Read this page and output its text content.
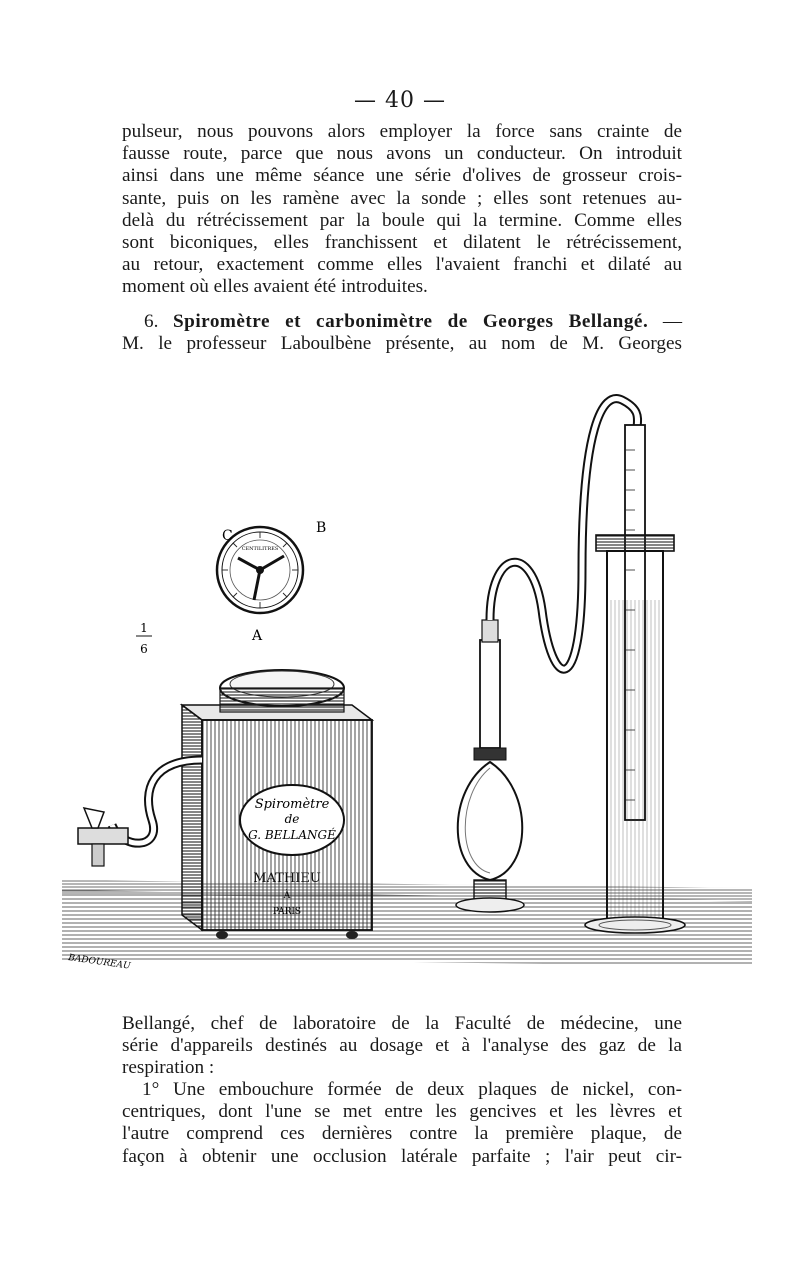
— 40 —
pulseur, nous pouvons alors employer la force sans crainte de
fausse route, parce que nous avons un conducteur. On introduit
ainsi dans une même séance une série d'olives de grosseur crois-
sante, puis on les ramène avec la sonde ; elles sont retenues au-
delà du rétrécissement par la boule qui la termine. Comme elles
sont biconiques, elles franchissent et dilatent le rétrécissement,
au retour, exactement comme elles l'avaient franchi et dilaté au
moment où elles avaient été introduites.
6. Spiromètre et carbonimètre de Georges Bellangé. —
M. le professeur Laboulbène présente, au nom de M. Georges
CENTILITRES
C	B
A
1
6
Spiromètre
de
G. BELLANGÉ
MATHIEU
À
PARIS
BADOUREAU
Bellangé, chef de laboratoire de la Faculté de médecine, une
série d'appareils destinés au dosage et à l'analyse des gaz de la
respiration :
1° Une embouchure formée de deux plaques de nickel, con-
centriques, dont l'une se met entre les gencives et les lèvres et
l'autre comprend ces dernières contre la première plaque, de
façon à obtenir une occlusion latérale parfaite ; l'air peut cir-
